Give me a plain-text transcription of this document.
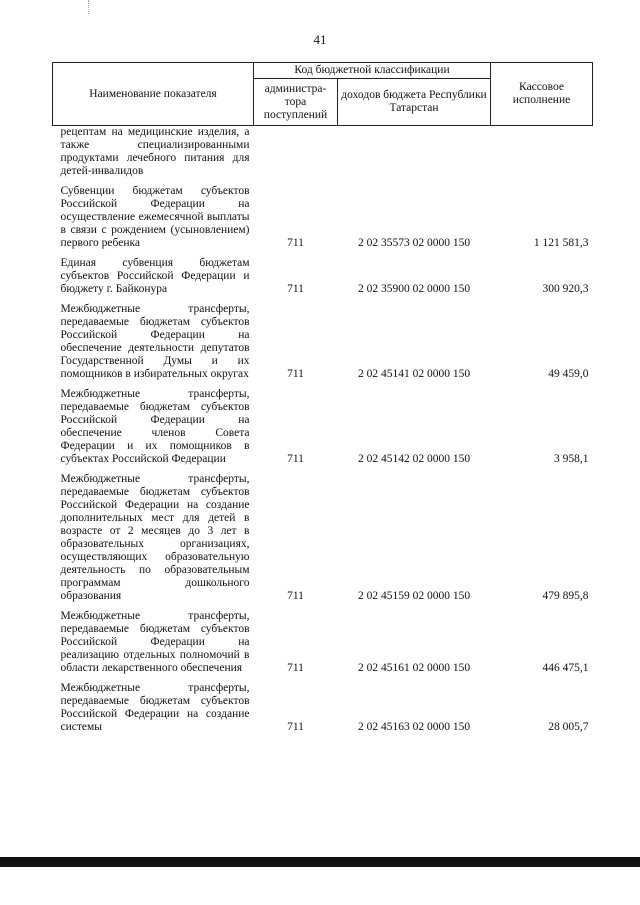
41
Наименование показателя	Код бюджетной классификации		Кассовое исполнение
	администра-тора поступлений	доходов бюджета Республики Татарстан	
рецептам на медицинские изделия, а также специализированными продуктами лечебного питания для детей-инвалидов			

Субвенции бюджетам субъектов Российской Федерации на осуществление ежемесячной выплаты в связи с рождением (усыновлением) первого ребенка	711	2 02 35573 02 0000 150	1 121 581,3

Единая субвенция бюджетам субъектов Российской Федерации и бюджету г. Байконура	711	2 02 35900 02 0000 150	300 920,3

Межбюджетные трансферты, передаваемые бюджетам субъектов Российской Федерации на обеспечение деятельности депутатов Государственной Думы и их помощников в избирательных округах	711	2 02 45141 02 0000 150	49 459,0

Межбюджетные трансферты, передаваемые бюджетам субъектов Российской Федерации на обеспечение членов Совета Федерации и их помощников в субъектах Российской Федерации	711	2 02 45142 02 0000 150	3 958,1

Межбюджетные трансферты, передаваемые бюджетам субъектов Российской Федерации на создание дополнительных мест для детей в возрасте от 2 месяцев до 3 лет в образовательных организациях, осуществляющих образовательную деятельность по образовательным программам дошкольного образования	711	2 02 45159 02 0000 150	479 895,8

Межбюджетные трансферты, передаваемые бюджетам субъектов Российской Федерации на реализацию отдельных полномочий в области лекарственного обеспечения	711	2 02 45161 02 0000 150	446 475,1

Межбюджетные трансферты, передаваемые бюджетам субъектов Российской Федерации на создание системы	711	2 02 45163 02 0000 150	28 005,7
